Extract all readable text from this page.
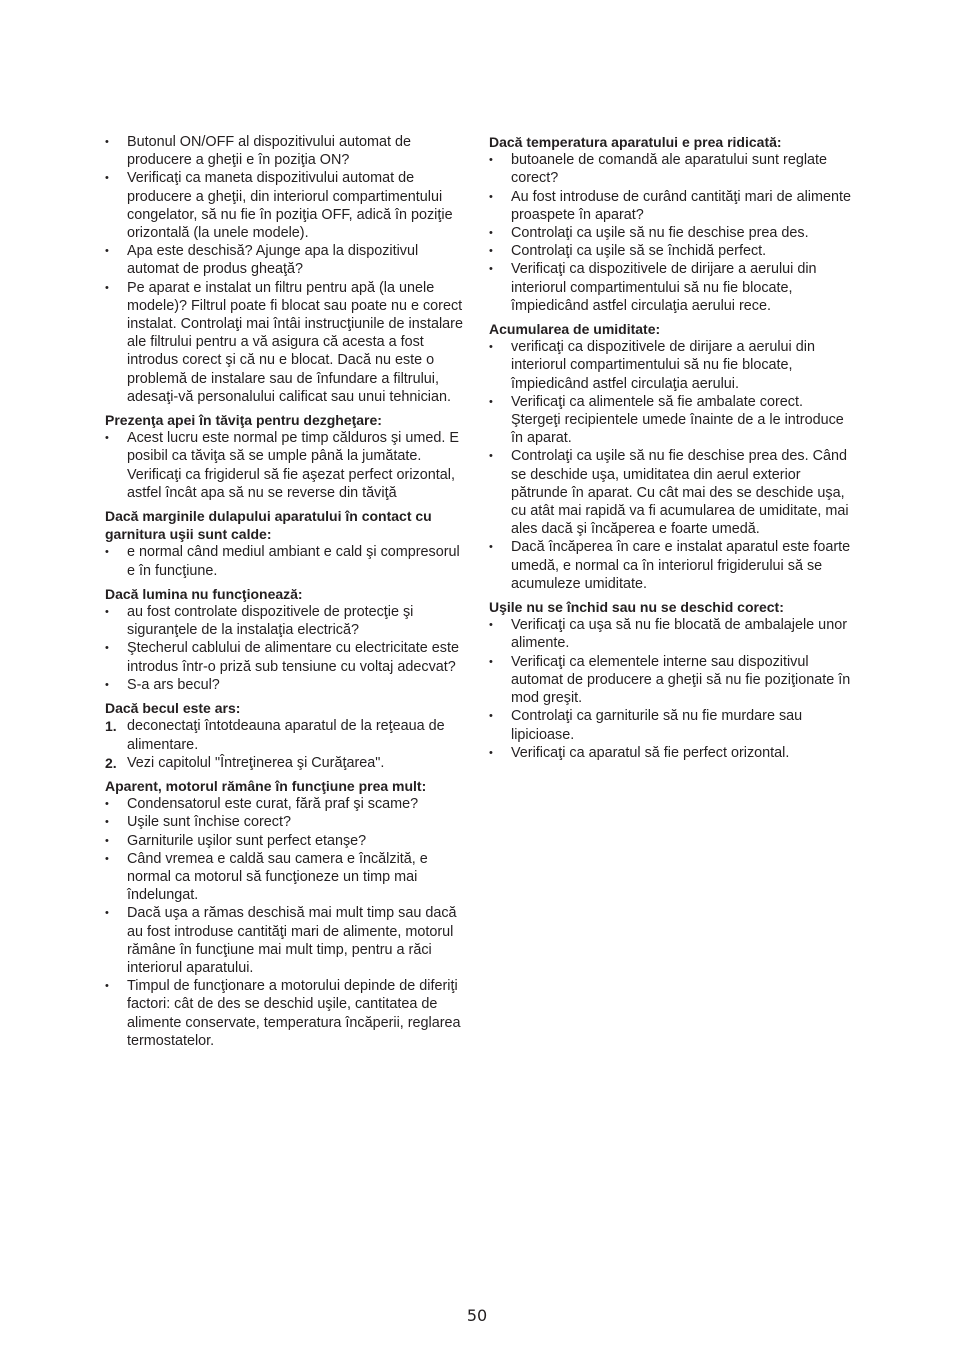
•	Butonul ON/OFF al dispozitivului automat de producere a gheţii e în poziţia ON?
•	Verificaţi ca maneta dispozitivului automat de producere a gheţii, din interiorul compartimentului congelator, să nu fie în poziţia OFF, adică în poziţie orizontală (la unele modele).
•	Apa este deschisă? Ajunge apa la dispozitivul automat de produs gheaţă?
•	Pe aparat e instalat un filtru pentru apă (la unele modele)? Filtrul poate fi blocat sau poate nu e corect instalat. Controlaţi mai întâi instrucţiunile de instalare ale filtrului pentru a vă asigura că acesta a fost introdus corect şi că nu e blocat. Dacă nu este o problemă de instalare sau de înfundare a filtrului, adesaţi-vă personalului calificat sau unui tehnician.

Prezenţa apei în tăviţa pentru dezgheţare:

•	Acest lucru este normal pe timp călduros şi umed. E posibil ca tăviţa să se umple până la jumătate. Verificaţi ca frigiderul să fie aşezat perfect orizontal, astfel încât apa să nu se reverse din tăviţă

Dacă marginile dulapului aparatului în contact cu garnitura uşii sunt calde:

•	e normal când mediul ambiant e cald şi compresorul e în funcţiune.

Dacă lumina nu funcţionează:

•	au fost controlate dispozitivele de protecţie şi siguranţele de la instalaţia electrică?
•	Ştecherul cablului de alimentare cu electricitate este introdus într-o priză sub tensiune cu voltaj adecvat?
•	S-a ars becul?

Dacă becul este ars:

1. deconectaţi întotdeauna aparatul de la reţeaua de alimentare.
2. Vezi capitolul "Întreţinerea şi Curăţarea".

Aparent, motorul rămâne în funcţiune prea mult:

•	Condensatorul este curat, fără praf şi scame?
•	Uşile sunt închise corect?
•	Garniturile uşilor sunt perfect etanşe?
•	Când vremea e caldă sau camera e încălzită, e normal ca motorul să funcţioneze un timp mai îndelungat.
•	Dacă uşa a rămas deschisă mai mult timp sau dacă au fost introduse cantităţi mari de alimente, motorul rămâne în funcţiune mai mult timp, pentru a răci interiorul aparatului.
•	Timpul de funcţionare a motorului depinde de diferiţi factori: cât de des se deschid uşile, cantitatea de alimente conservate, temperatura încăperii, reglarea termostatelor.

Dacă temperatura aparatului e prea ridicată:

•	butoanele de comandă ale aparatului sunt reglate corect?
•	Au fost introduse de curând cantităţi mari de alimente proaspete în aparat?
•	Controlaţi ca uşile să nu fie deschise prea des.
•	Controlaţi ca uşile să se închidă perfect.
•	Verificaţi ca dispozitivele de dirijare a aerului din interiorul compartimentului să nu fie blocate, împiedicând astfel circulaţia aerului rece.

Acumularea de umiditate:

•	verificaţi ca dispozitivele de dirijare a aerului din interiorul compartimentului să nu fie blocate, împiedicând astfel circulaţia aerului.
•	Verificaţi ca alimentele să fie ambalate corect. Ştergeţi recipientele umede înainte de a le introduce în aparat.
•	Controlaţi ca uşile să nu fie deschise prea des. Când se deschide uşa, umiditatea din aerul exterior pătrunde în aparat. Cu cât mai des se deschide uşa, cu atât mai rapidă va fi acumularea de umiditate, mai ales dacă şi încăperea e foarte umedă.
•	Dacă încăperea în care e instalat aparatul este foarte umedă, e normal ca în interiorul frigiderului să se acumuleze umiditate.

Uşile nu se închid sau nu se deschid corect:

•	Verificaţi ca uşa să nu fie blocată de ambalajele unor alimente.
•	Verificaţi ca elementele interne sau dispozitivul automat de producere a gheţii să nu fie poziţionate în mod greşit.
•	Controlaţi ca garniturile să nu fie murdare sau lipicioase.
•	Verificaţi ca aparatul să fie perfect orizontal.
50
